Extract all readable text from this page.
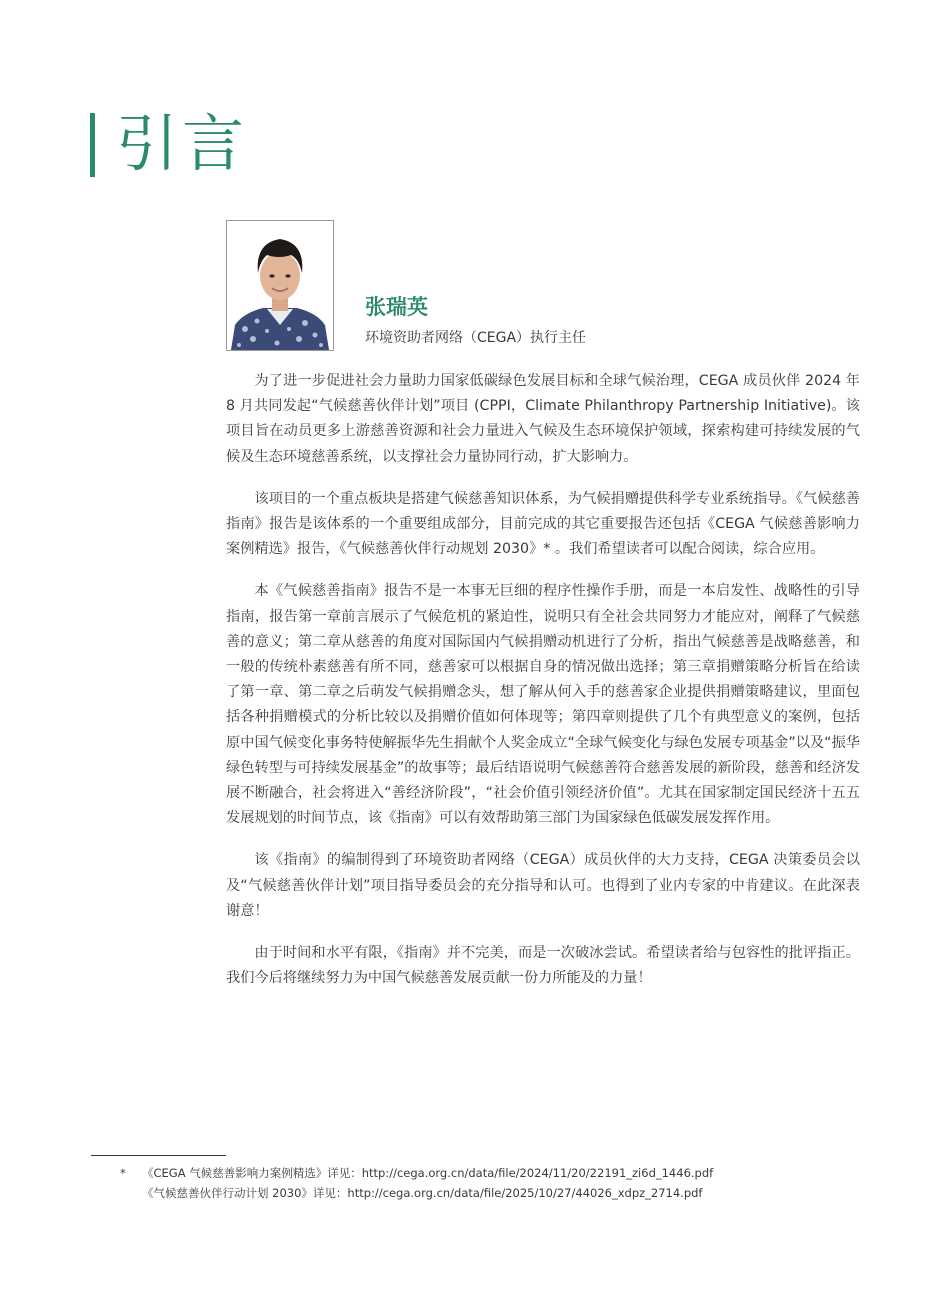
引言
张瑞英
环境资助者网络（CEGA）执行主任

为了进一步促进社会力量助力国家低碳绿色发展目标和全球气候治理，CEGA 成员伙伴 2024 年 8 月共同发起“气候慈善伙伴计划”项目 (CPPI，Climate Philanthropy Partnership Initiative)。该项目旨在动员更多上游慈善资源和社会力量进入气候及生态环境保护领域，探索构建可持续发展的气候及生态环境慈善系统，以支撑社会力量协同行动，扩大影响力。

该项目的一个重点板块是搭建气候慈善知识体系，为气候捐赠提供科学专业系统指导。《气候慈善指南》报告是该体系的一个重要组成部分，目前完成的其它重要报告还包括《CEGA 气候慈善影响力案例精选》报告，《气候慈善伙伴行动规划 2030》* 。我们希望读者可以配合阅读，综合应用。

本《气候慈善指南》报告不是一本事无巨细的程序性操作手册，而是一本启发性、战略性的引导指南，报告第一章前言展示了气候危机的紧迫性，说明只有全社会共同努力才能应对，阐释了气候慈善的意义；第二章从慈善的角度对国际国内气候捐赠动机进行了分析，指出气候慈善是战略慈善，和一般的传统朴素慈善有所不同，慈善家可以根据自身的情况做出选择；第三章捐赠策略分析旨在给读了第一章、第二章之后萌发气候捐赠念头，想了解从何入手的慈善家企业提供捐赠策略建议，里面包括各种捐赠模式的分析比较以及捐赠价值如何体现等；第四章则提供了几个有典型意义的案例，包括原中国气候变化事务特使解振华先生捐献个人奖金成立“全球气候变化与绿色发展专项基金”以及“振华绿色转型与可持续发展基金”的故事等；最后结语说明气候慈善符合慈善发展的新阶段，慈善和经济发展不断融合，社会将进入“善经济阶段”，“社会价值引领经济价值”。尤其在国家制定国民经济十五五发展规划的时间节点，该《指南》可以有效帮助第三部门为国家绿色低碳发展发挥作用。

该《指南》的编制得到了环境资助者网络（CEGA）成员伙伴的大力支持，CEGA 决策委员会以及“气候慈善伙伴计划”项目指导委员会的充分指导和认可。也得到了业内专家的中肯建议。在此深表谢意！

由于时间和水平有限，《指南》并不完美，而是一次破冰尝试。希望读者给与包容性的批评指正。我们今后将继续努力为中国气候慈善发展贡献一份力所能及的力量！

*	《CEGA 气候慈善影响力案例精选》详见：http://cega.org.cn/data/file/2024/11/20/22191_zi6d_1446.pdf
《气候慈善伙伴行动计划 2030》详见：http://cega.org.cn/data/file/2025/10/27/44026_xdpz_2714.pdf
